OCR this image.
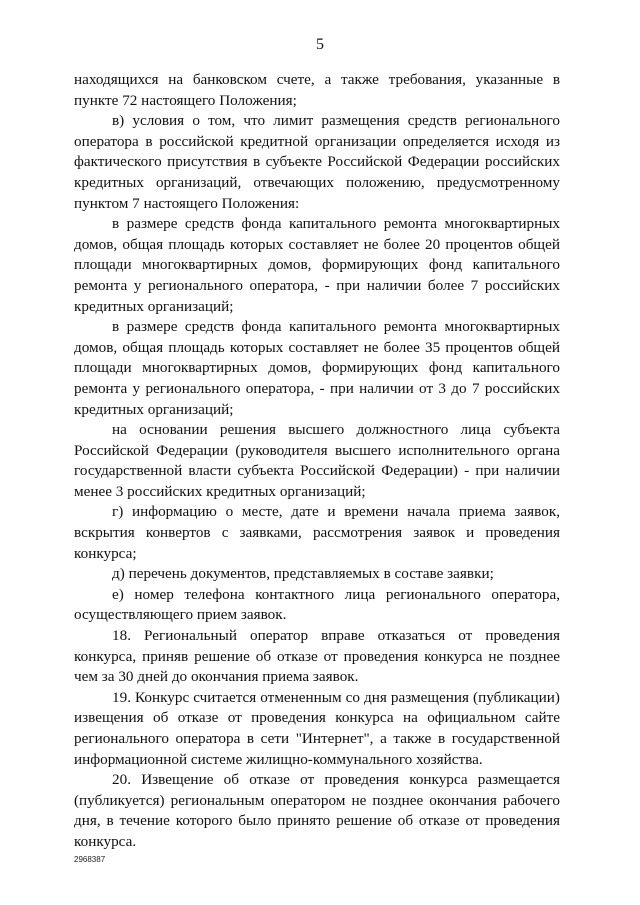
5

находящихся на банковском счете, а также требования, указанные в пункте 72 настоящего Положения;

в) условия о том, что лимит размещения средств регионального оператора в российской кредитной организации определяется исходя из фактического присутствия в субъекте Российской Федерации российских кредитных организаций, отвечающих положению, предусмотренному пунктом 7 настоящего Положения:

в размере средств фонда капитального ремонта многоквартирных домов, общая площадь которых составляет не более 20 процентов общей площади многоквартирных домов, формирующих фонд капитального ремонта у регионального оператора, - при наличии более 7 российских кредитных организаций;

в размере средств фонда капитального ремонта многоквартирных домов, общая площадь которых составляет не более 35 процентов общей площади многоквартирных домов, формирующих фонд капитального ремонта у регионального оператора, - при наличии от 3 до 7 российских кредитных организаций;

на основании решения высшего должностного лица субъекта Российской Федерации (руководителя высшего исполнительного органа государственной власти субъекта Российской Федерации) - при наличии менее 3 российских кредитных организаций;

г) информацию о месте, дате и времени начала приема заявок, вскрытия конвертов с заявками, рассмотрения заявок и проведения конкурса;

д) перечень документов, представляемых в составе заявки;

е) номер телефона контактного лица регионального оператора, осуществляющего прием заявок.

18. Региональный оператор вправе отказаться от проведения конкурса, приняв решение об отказе от проведения конкурса не позднее чем за 30 дней до окончания приема заявок.

19. Конкурс считается отмененным со дня размещения (публикации) извещения об отказе от проведения конкурса на официальном сайте регионального оператора в сети "Интернет", а также в государственной информационной системе жилищно-коммунального хозяйства.

20. Извещение об отказе от проведения конкурса размещается (публикуется) региональным оператором не позднее окончания рабочего дня, в течение которого было принято решение об отказе от проведения конкурса.

2968387
